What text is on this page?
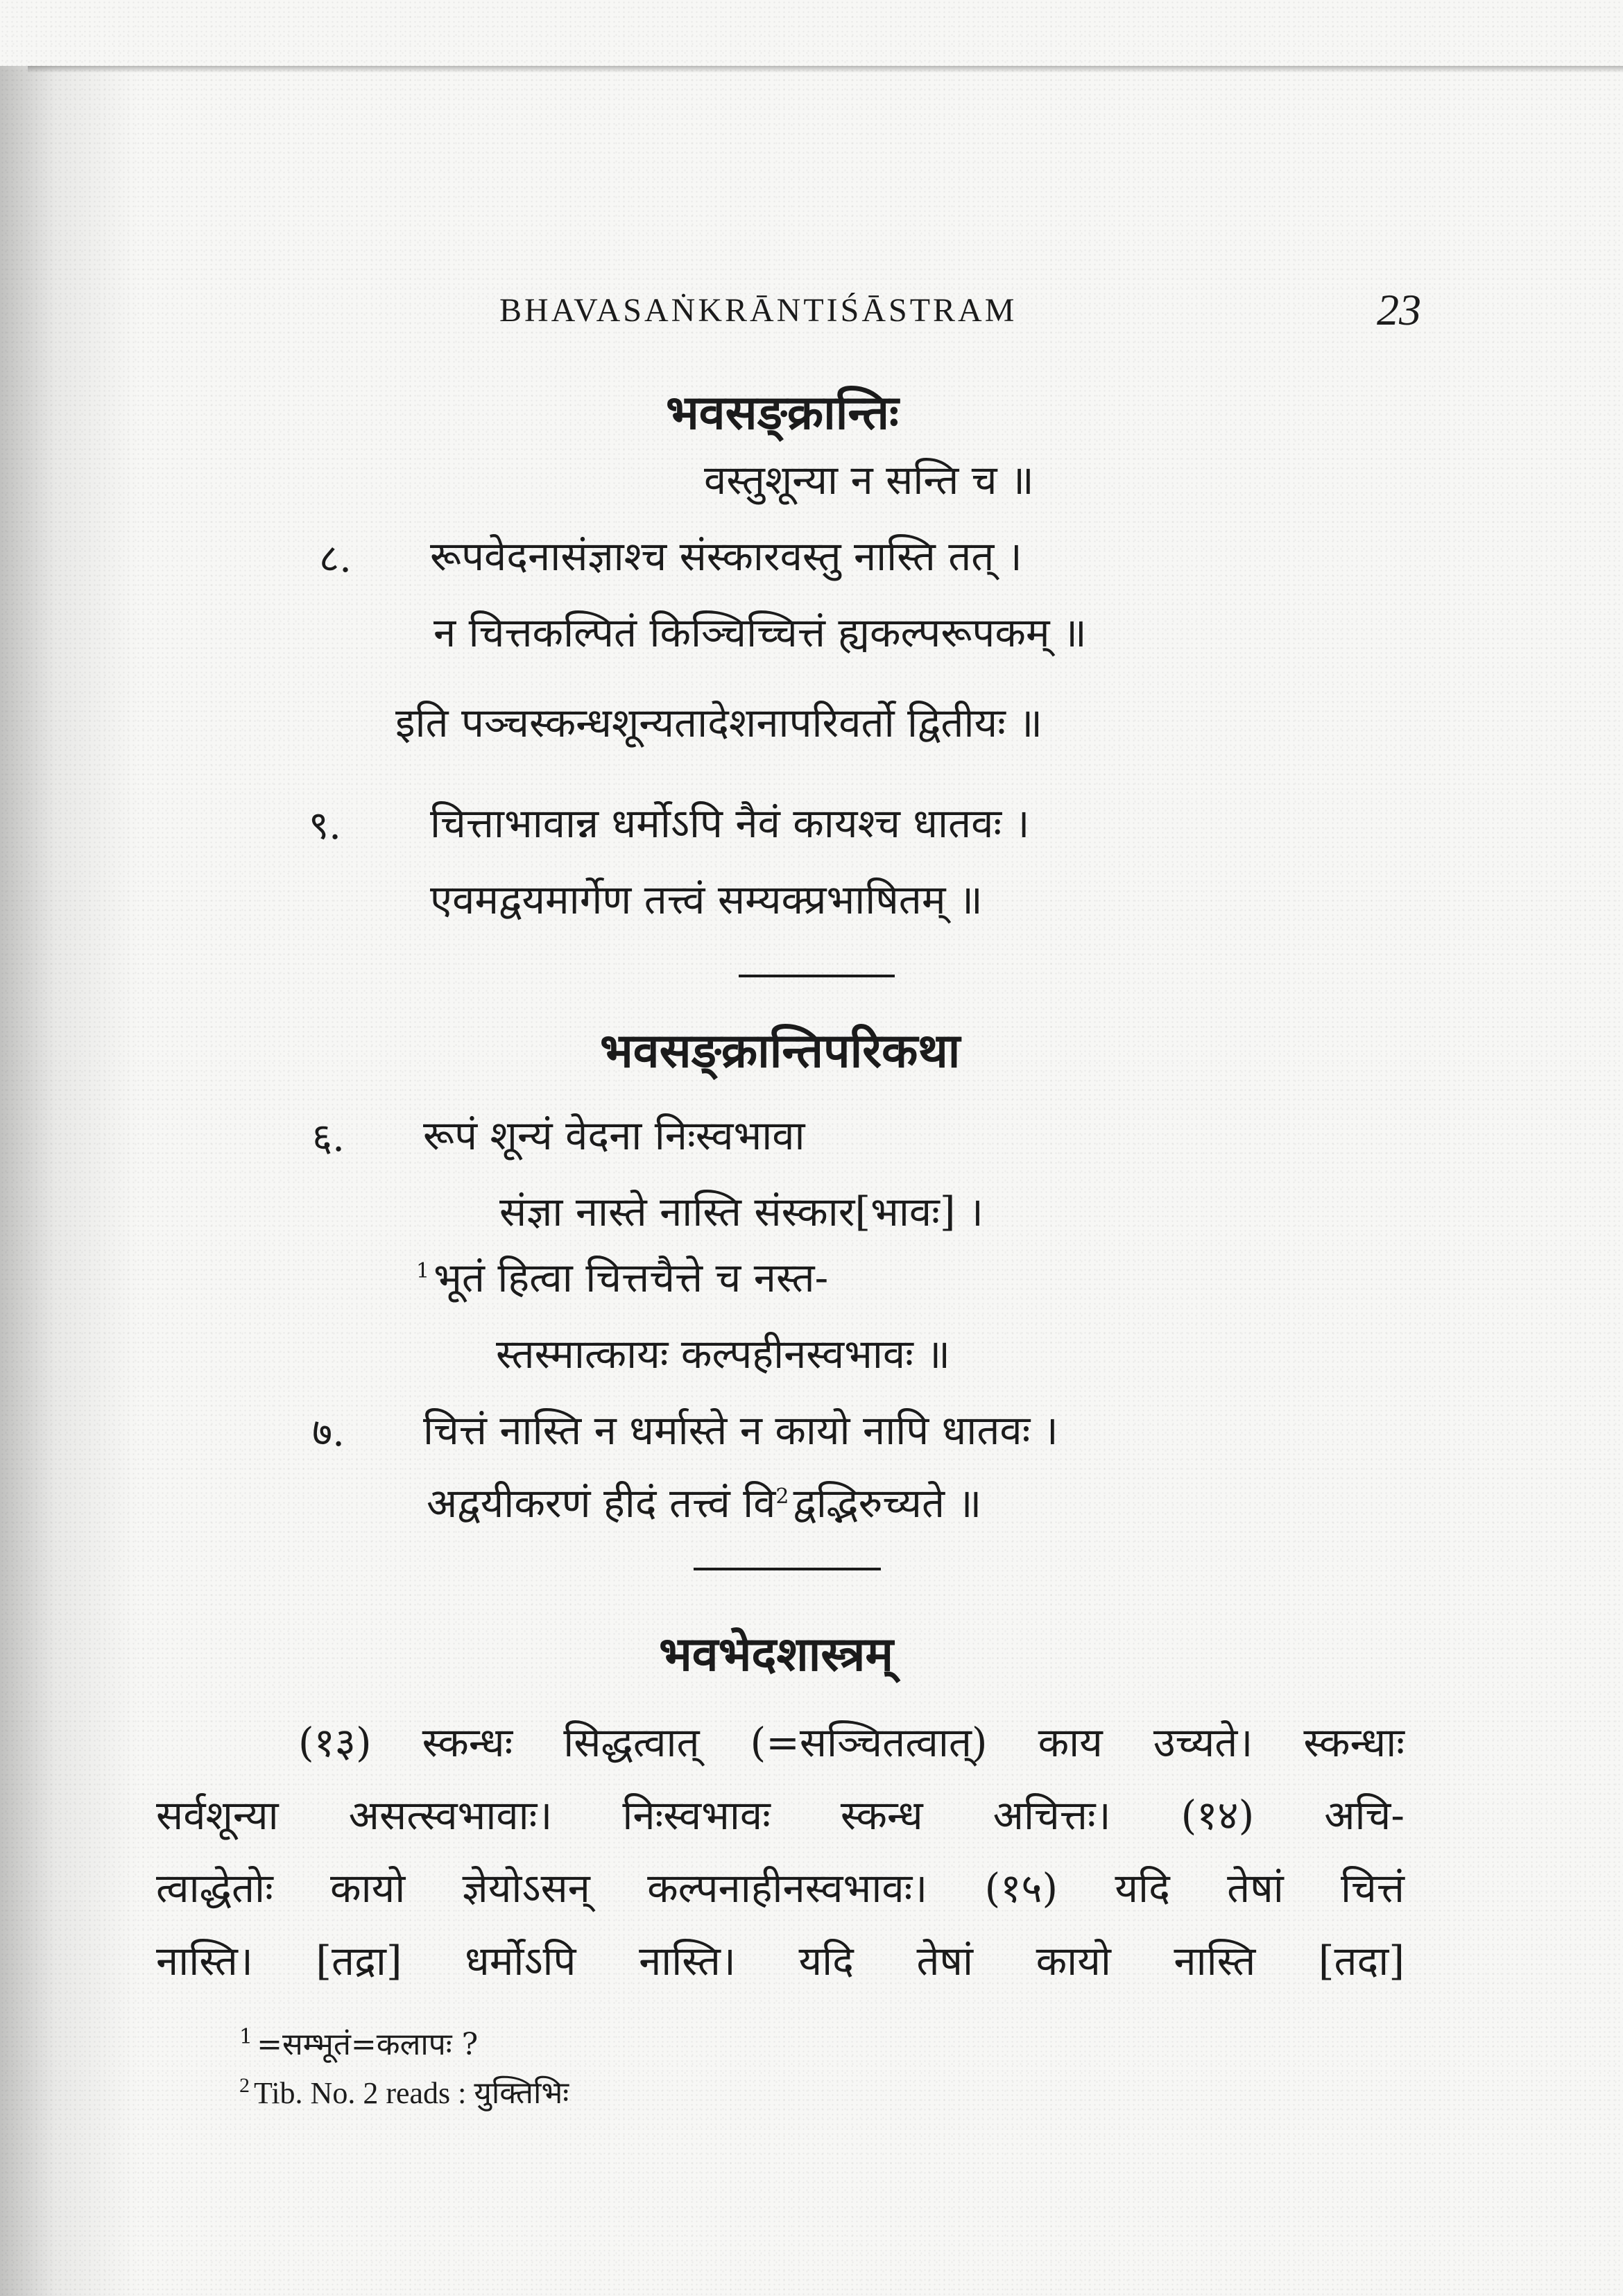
BHAVASAṄKRĀNTIŚĀSTRAM	23
भवसङ्क्रान्तिः
वस्तुशून्या न सन्ति च ॥
८. रूपवेदनासंज्ञाश्च संस्कारवस्तु नास्ति तत् ।
न चित्तकल्पितं किञ्चिच्चित्तं ह्यकल्परूपकम् ॥
इति पञ्चस्कन्धशून्यतादेशनापरिवर्तो द्वितीयः ॥
९. चित्ताभावान्न धर्मोऽपि नैवं कायश्च धातवः ।
एवमद्वयमार्गेण तत्त्वं सम्यक्प्रभाषितम् ॥
भवसङ्क्रान्तिपरिकथा
६. रूपं शून्यं वेदना निःस्वभावा
संज्ञा नास्ते नास्ति संस्कार[भावः] ।
$^1$ भूतं हित्वा चित्तचैत्ते च नस्त-
स्तस्मात्कायः कल्पहीनस्वभावः ॥
७. चित्तं नास्ति न धर्मास्ते न कायो नापि धातवः ।
अद्वयीकरणं हीदं तत्त्वं वि$^2$ द्वद्भिरुच्यते ॥
भवभेदशास्त्रम्
(१३) स्कन्धः सिद्धत्वात् (=सञ्चितत्वात्) काय उच्यते। स्कन्धाः
सर्वशून्या असत्स्वभावाः। निःस्वभावः स्कन्ध अचित्तः। (१४) अचि-
त्वाद्धेतोः कायो ज्ञेयोऽसन् कल्पनाहीनस्वभावः। (१५) यदि तेषां चित्तं
नास्ति। [तद्रा] धर्मोऽपि नास्ति। यदि तेषां कायो नास्ति [तदा]
$^1$ =सम्भूतं=कलापः ?
$^2$ Tib. No. 2 reads : युक्तिभिः
